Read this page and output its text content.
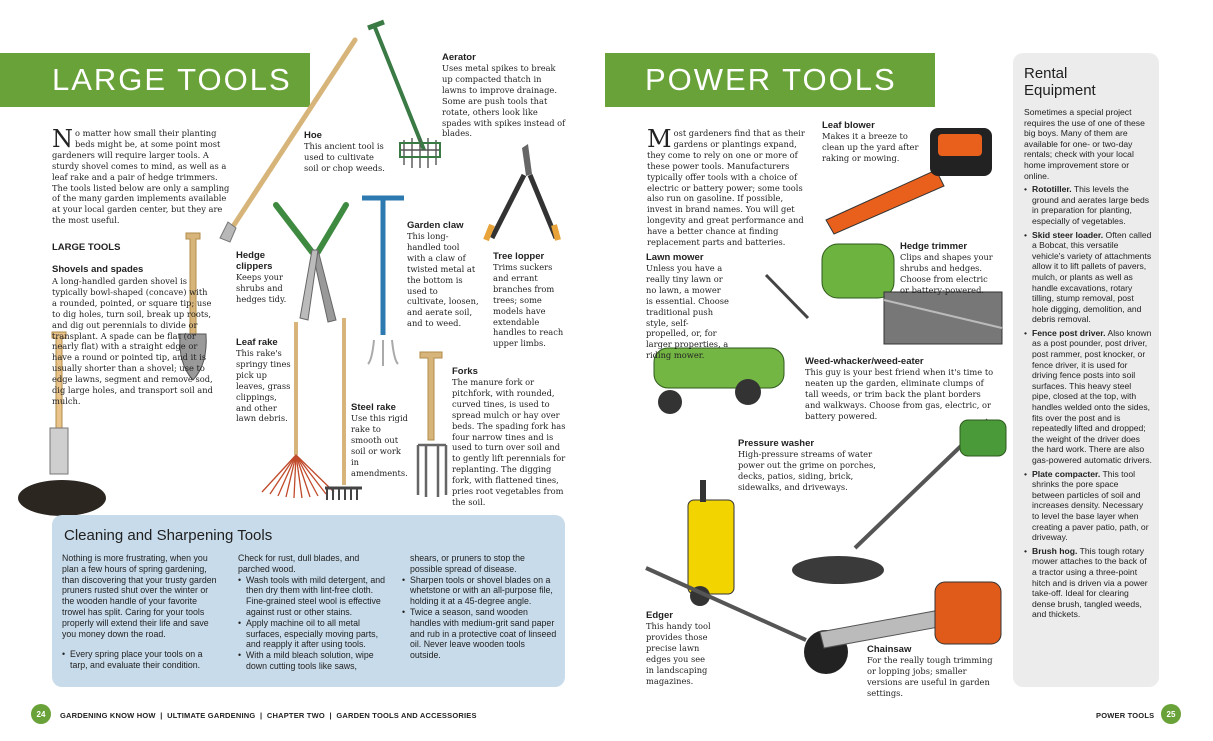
LARGE TOOLS
N o matter how small their planting beds might be, at some point most gardeners will require larger tools. A sturdy shovel comes to mind, as well as a leaf rake and a pair of hedge trimmers. The tools listed below are only a sampling of the many garden implements available at your local garden center, but they are the most useful.
LARGE TOOLS
Shovels and spades
A long-handled garden shovel is typically bowl-shaped (concave) with a rounded, pointed, or square tip; use to dig holes, turn soil, break up roots, and dig out perennials to divide or transplant. A spade can be flat (or nearly flat) with a straight edge or have a round or pointed tip, and it is usually shorter than a shovel; use to edge lawns, segment and remove sod, dig large holes, and transport soil and mulch.
Hoe
This ancient tool is used to cultivate soil or chop weeds.
Aerator
Uses metal spikes to break up compacted thatch in lawns to improve drainage. Some are push tools that rotate, others look like spades with spikes instead of blades.
Hedge clippers
Keeps your shrubs and hedges tidy.
Garden claw
This long-handled tool with a claw of twisted metal at the bottom is used to cultivate, loosen, and aerate soil, and to weed.
Tree lopper
Trims suckers and errant branches from trees; some models have extendable handles to reach upper limbs.
Leaf rake
This rake's springy tines pick up leaves, grass clippings, and other lawn debris.
Steel rake
Use this rigid rake to smooth out soil or work in amendments.
Forks
The manure fork or pitchfork, with rounded, curved tines, is used to spread mulch or hay over beds. The spading fork has four narrow tines and is used to turn over soil and to gently lift perennials for replanting. The digging fork, with flattened tines, pries root vegetables from the soil.
Cleaning and Sharpening Tools
Nothing is more frustrating, when you plan a few hours of spring gardening, than discovering that your trusty garden pruners rusted shut over the winter or the wooden handle of your favorite trowel has split. Caring for your tools properly will extend their life and save you money down the road.
• Every spring place your tools on a tarp, and evaluate their condition.
Check for rust, dull blades, and parched wood.
• Wash tools with mild detergent, and then dry them with lint-free cloth. Fine-grained steel wool is effective against rust or other stains.
• Apply machine oil to all metal surfaces, especially moving parts, and reapply it after using tools.
• With a mild bleach solution, wipe down cutting tools like saws,
shears, or pruners to stop the possible spread of disease.
• Sharpen tools or shovel blades on a whetstone or with an all-purpose file, holding it at a 45-degree angle.
• Twice a season, sand wooden handles with medium-grit sand paper and rub in a protective coat of linseed oil. Never leave wooden tools outside.
24	GARDENING KNOW HOW  |  ULTIMATE GARDENING  |  CHAPTER TWO  |  GARDEN TOOLS AND ACCESSORIES
POWER TOOLS
M ost gardeners find that as their gardens or plantings expand, they come to rely on one or more of these power tools. Manufacturers typically offer tools with a choice of electric or battery power; some tools also run on gasoline. If possible, invest in brand names. You will get longevity and great performance and have a better chance at finding replacement parts and batteries.
Leaf blower
Makes it a breeze to clean up the yard after raking or mowing.
Lawn mower
Unless you have a really tiny lawn or no lawn, a mower is essential. Choose traditional push style, self-propelled, or, for larger properties, a riding mower.
Hedge trimmer
Clips and shapes your shrubs and hedges. Choose from electric or battery-powered.
Weed-whacker/weed-eater
This guy is your best friend when it's time to neaten up the garden, eliminate clumps of tall weeds, or trim back the plant borders and walkways. Choose from gas, electric, or battery powered.
Pressure washer
High-pressure streams of water power out the grime on porches, decks, patios, siding, brick, sidewalks, and driveways.
Edger
This handy tool provides those precise lawn edges you see in landscaping magazines.
Chainsaw
For the really tough trimming or lopping jobs; smaller versions are useful in garden settings.
Rental Equipment
Sometimes a special project requires the use of one of these big boys. Many of them are available for one- or two-day rentals; check with your local home improvement store or online.
• Rototiller. This levels the ground and aerates large beds in preparation for planting, especially of vegetables.
• Skid steer loader. Often called a Bobcat, this versatile vehicle's variety of attachments allow it to lift pallets of pavers, mulch, or plants as well as handle excavations, rotary tilling, stump removal, post hole digging, demolition, and debris removal.
• Fence post driver. Also known as a post pounder, post driver, post rammer, post knocker, or fence driver, it is used for driving fence posts into soil surfaces. This heavy steel pipe, closed at the top, with handles welded onto the sides, fits over the post and is repeatedly lifted and dropped; the weight of the driver does the hard work. There are also gas-powered automatic drivers.
• Plate compacter. This tool shrinks the pore space between particles of soil and increases density. Necessary to level the base layer when creating a paver patio, path, or driveway.
• Brush hog. This tough rotary mower attaches to the back of a tractor using a three-point hitch and is driven via a power take-off. Ideal for clearing dense brush, tangled weeds, and thickets.
POWER TOOLS	25
